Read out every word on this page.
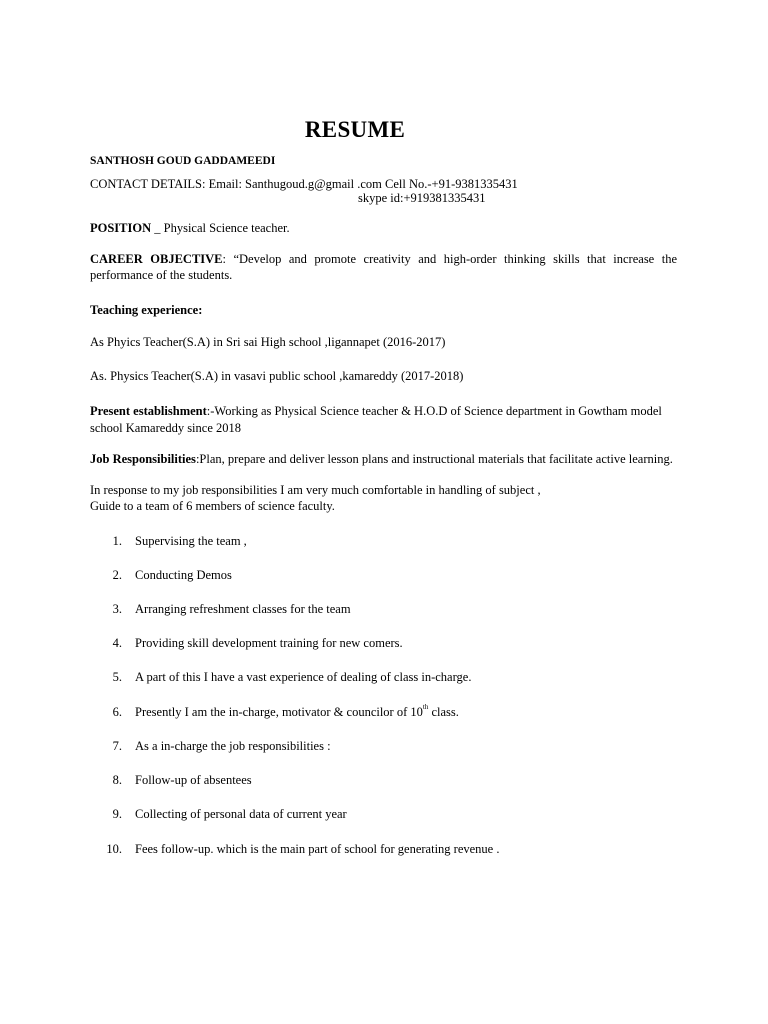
RESUME
SANTHOSH GOUD GADDAMEEDI
CONTACT DETAILS: Email: Santhugoud.g@gmail .com Cell No.-+91-9381335431
skype id:+919381335431
POSITION _ Physical Science teacher.
CAREER OBJECTIVE: “Develop and promote creativity and high-order thinking skills that increase the
performance of the students.
Teaching experience:
As Phyics Teacher(S.A) in Sri sai High school ,ligannapet (2016-2017)
As. Physics Teacher(S.A) in vasavi public school ,kamareddy (2017-2018)
Present establishment:-Working as Physical Science teacher & H.O.D of Science department in Gowtham model school Kamareddy since 2018
Job Responsibilities:Plan, prepare and deliver lesson plans and instructional materials that facilitate active learning.
In response to my job responsibilities I am very much comfortable in handling of subject ,
Guide to a team of 6 members of science faculty.
1. Supervising the team ,
2. Conducting Demos
3. Arranging refreshment classes for the team
4. Providing skill development training for new comers.
5. A part of this I have a vast experience of dealing of class in-charge.
6. Presently I am the in-charge, motivator & councilor of 10th class.
7. As a in-charge the job responsibilities :
8. Follow-up of absentees
9. Collecting of personal data of current year
10. Fees follow-up. which is the main part of school for generating revenue .
